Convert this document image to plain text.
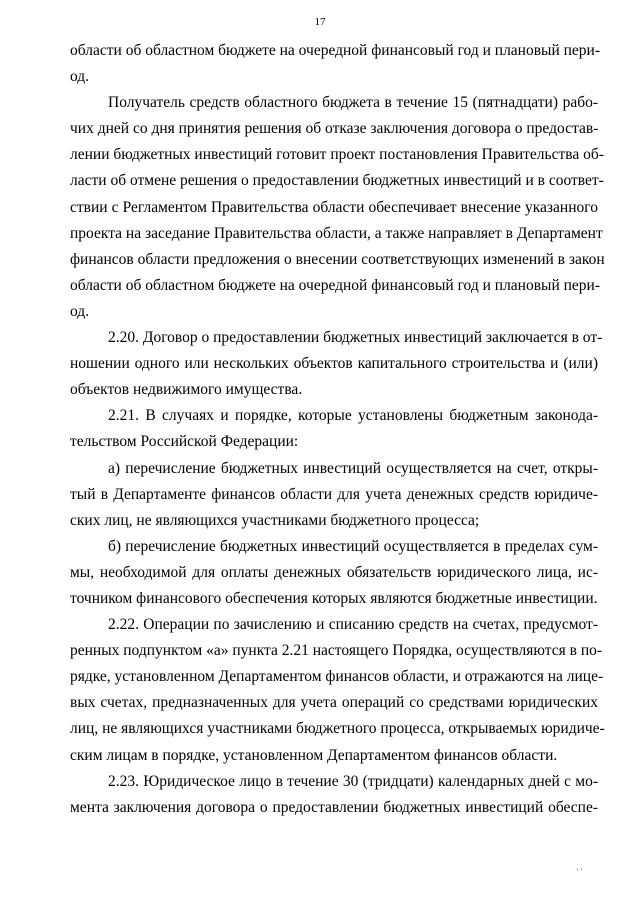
17
области об областном бюджете на очередной финансовый год и плановый пери-
од.
Получатель средств областного бюджета в течение 15 (пятнадцати) рабо-
чих дней со дня принятия решения об отказе заключения договора о предостав-
лении бюджетных инвестиций готовит проект постановления Правительства об-
ласти об отмене решения о предоставлении бюджетных инвестиций и в соответ-
ствии с Регламентом Правительства области обеспечивает внесение указанного
проекта на заседание Правительства области, а также направляет в Департамент
финансов области предложения о внесении соответствующих изменений в закон
области об областном бюджете на очередной финансовый год и плановый пери-
од.
2.20. Договор о предоставлении бюджетных инвестиций заключается в от-
ношении одного или нескольких объектов капитального строительства и (или)
объектов недвижимого имущества.
2.21. В случаях и порядке, которые установлены бюджетным законода-
тельством Российской Федерации:
а) перечисление бюджетных инвестиций осуществляется на счет, откры-
тый в Департаменте финансов области для учета денежных средств юридиче-
ских лиц, не являющихся участниками бюджетного процесса;
б) перечисление бюджетных инвестиций осуществляется в пределах сум-
мы, необходимой для оплаты денежных обязательств юридического лица, ис-
точником финансового обеспечения которых являются бюджетные инвестиции.
2.22. Операции по зачислению и списанию средств на счетах, предусмот-
ренных подпунктом «а» пункта 2.21 настоящего Порядка, осуществляются в по-
рядке, установленном Департаментом финансов области, и отражаются на лице-
вых счетах, предназначенных для учета операций со средствами юридических
лиц, не являющихся участниками бюджетного процесса, открываемых юридиче-
ским лицам в порядке, установленном Департаментом финансов области.
2.23. Юридическое лицо в течение 30 (тридцати) календарных дней с мо-
мента заключения договора о предоставлении бюджетных инвестиций обеспе-
' '
